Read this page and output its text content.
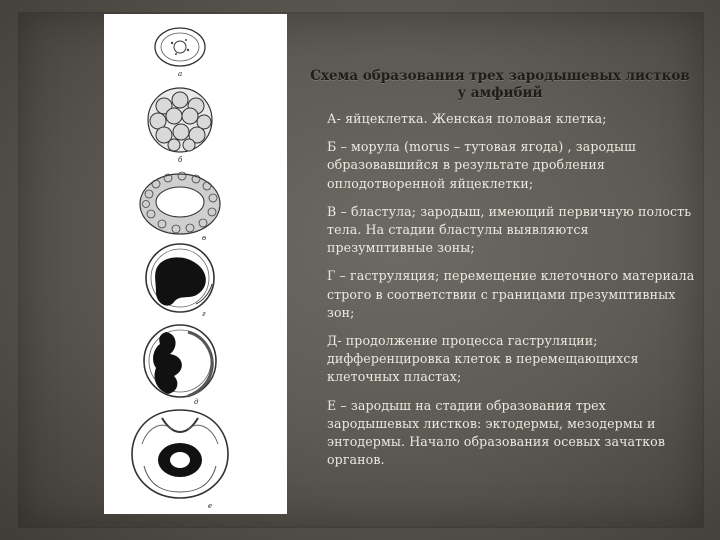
а
б
в
г
д
е
Схема образования трех зародышевых листков
у амфибий

А- яйцеклетка. Женская половая клетка;

Б – морула (morus – тутовая ягода) , зародыш образовавшийся в результате дробления оплодотворенной яйцеклетки;

В – бластула; зародыш, имеющий первичную полость тела. На стадии бластулы выявляются презумптивные зоны;

Г – гаструляция; перемещение клеточного материала строго в соответствии с границами презумптивных зон;

Д- продолжение процесса гаструляции; дифференцировка клеток в перемещающихся клеточных пластах;

Е – зародыш на стадии образования трех зародышевых листков: эктодермы, мезодермы и энтодермы. Начало образования осевых зачатков органов.
